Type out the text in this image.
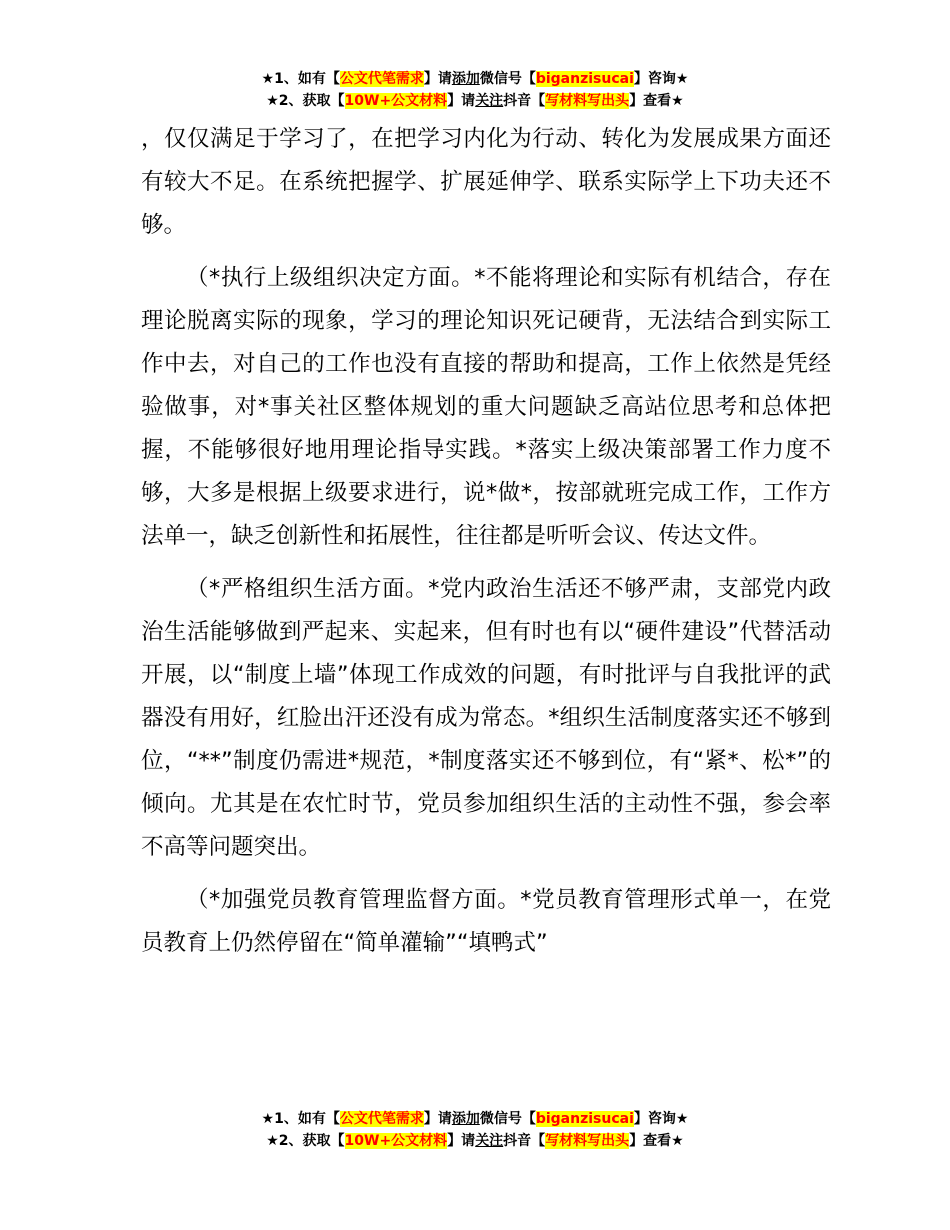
★1、如有【公文代笔需求】请添加微信号【biganzisucai】咨询★
★2、获取【10W+公文材料】请关注抖音【写材料写出头】查看★

，仅仅满足于学习了，在把学习内化为行动、转化为发展成果方面还有较大不足。在系统把握学、扩展延伸学、联系实际学上下功夫还不够。

（*执行上级组织决定方面。*不能将理论和实际有机结合，存在理论脱离实际的现象，学习的理论知识死记硬背，无法结合到实际工作中去，对自己的工作也没有直接的帮助和提高，工作上依然是凭经验做事，对*事关社区整体规划的重大问题缺乏高站位思考和总体把握，不能够很好地用理论指导实践。*落实上级决策部署工作力度不够，大多是根据上级要求进行，说*做*，按部就班完成工作，工作方法单一，缺乏创新性和拓展性，往往都是听听会议、传达文件。

（*严格组织生活方面。*党内政治生活还不够严肃，支部党内政治生活能够做到严起来、实起来，但有时也有以“硬件建设”代替活动开展，以“制度上墙”体现工作成效的问题，有时批评与自我批评的武器没有用好，红脸出汗还没有成为常态。*组织生活制度落实还不够到位，“**”制度仍需进*规范，*制度落实还不够到位，有“紧*、松*”的倾向。尤其是在农忙时节，党员参加组织生活的主动性不强，参会率不高等问题突出。

（*加强党员教育管理监督方面。*党员教育管理形式单一，在党员教育上仍然停留在“简单灌输”“填鸭式”

★1、如有【公文代笔需求】请添加微信号【biganzisucai】咨询★
★2、获取【10W+公文材料】请关注抖音【写材料写出头】查看★
